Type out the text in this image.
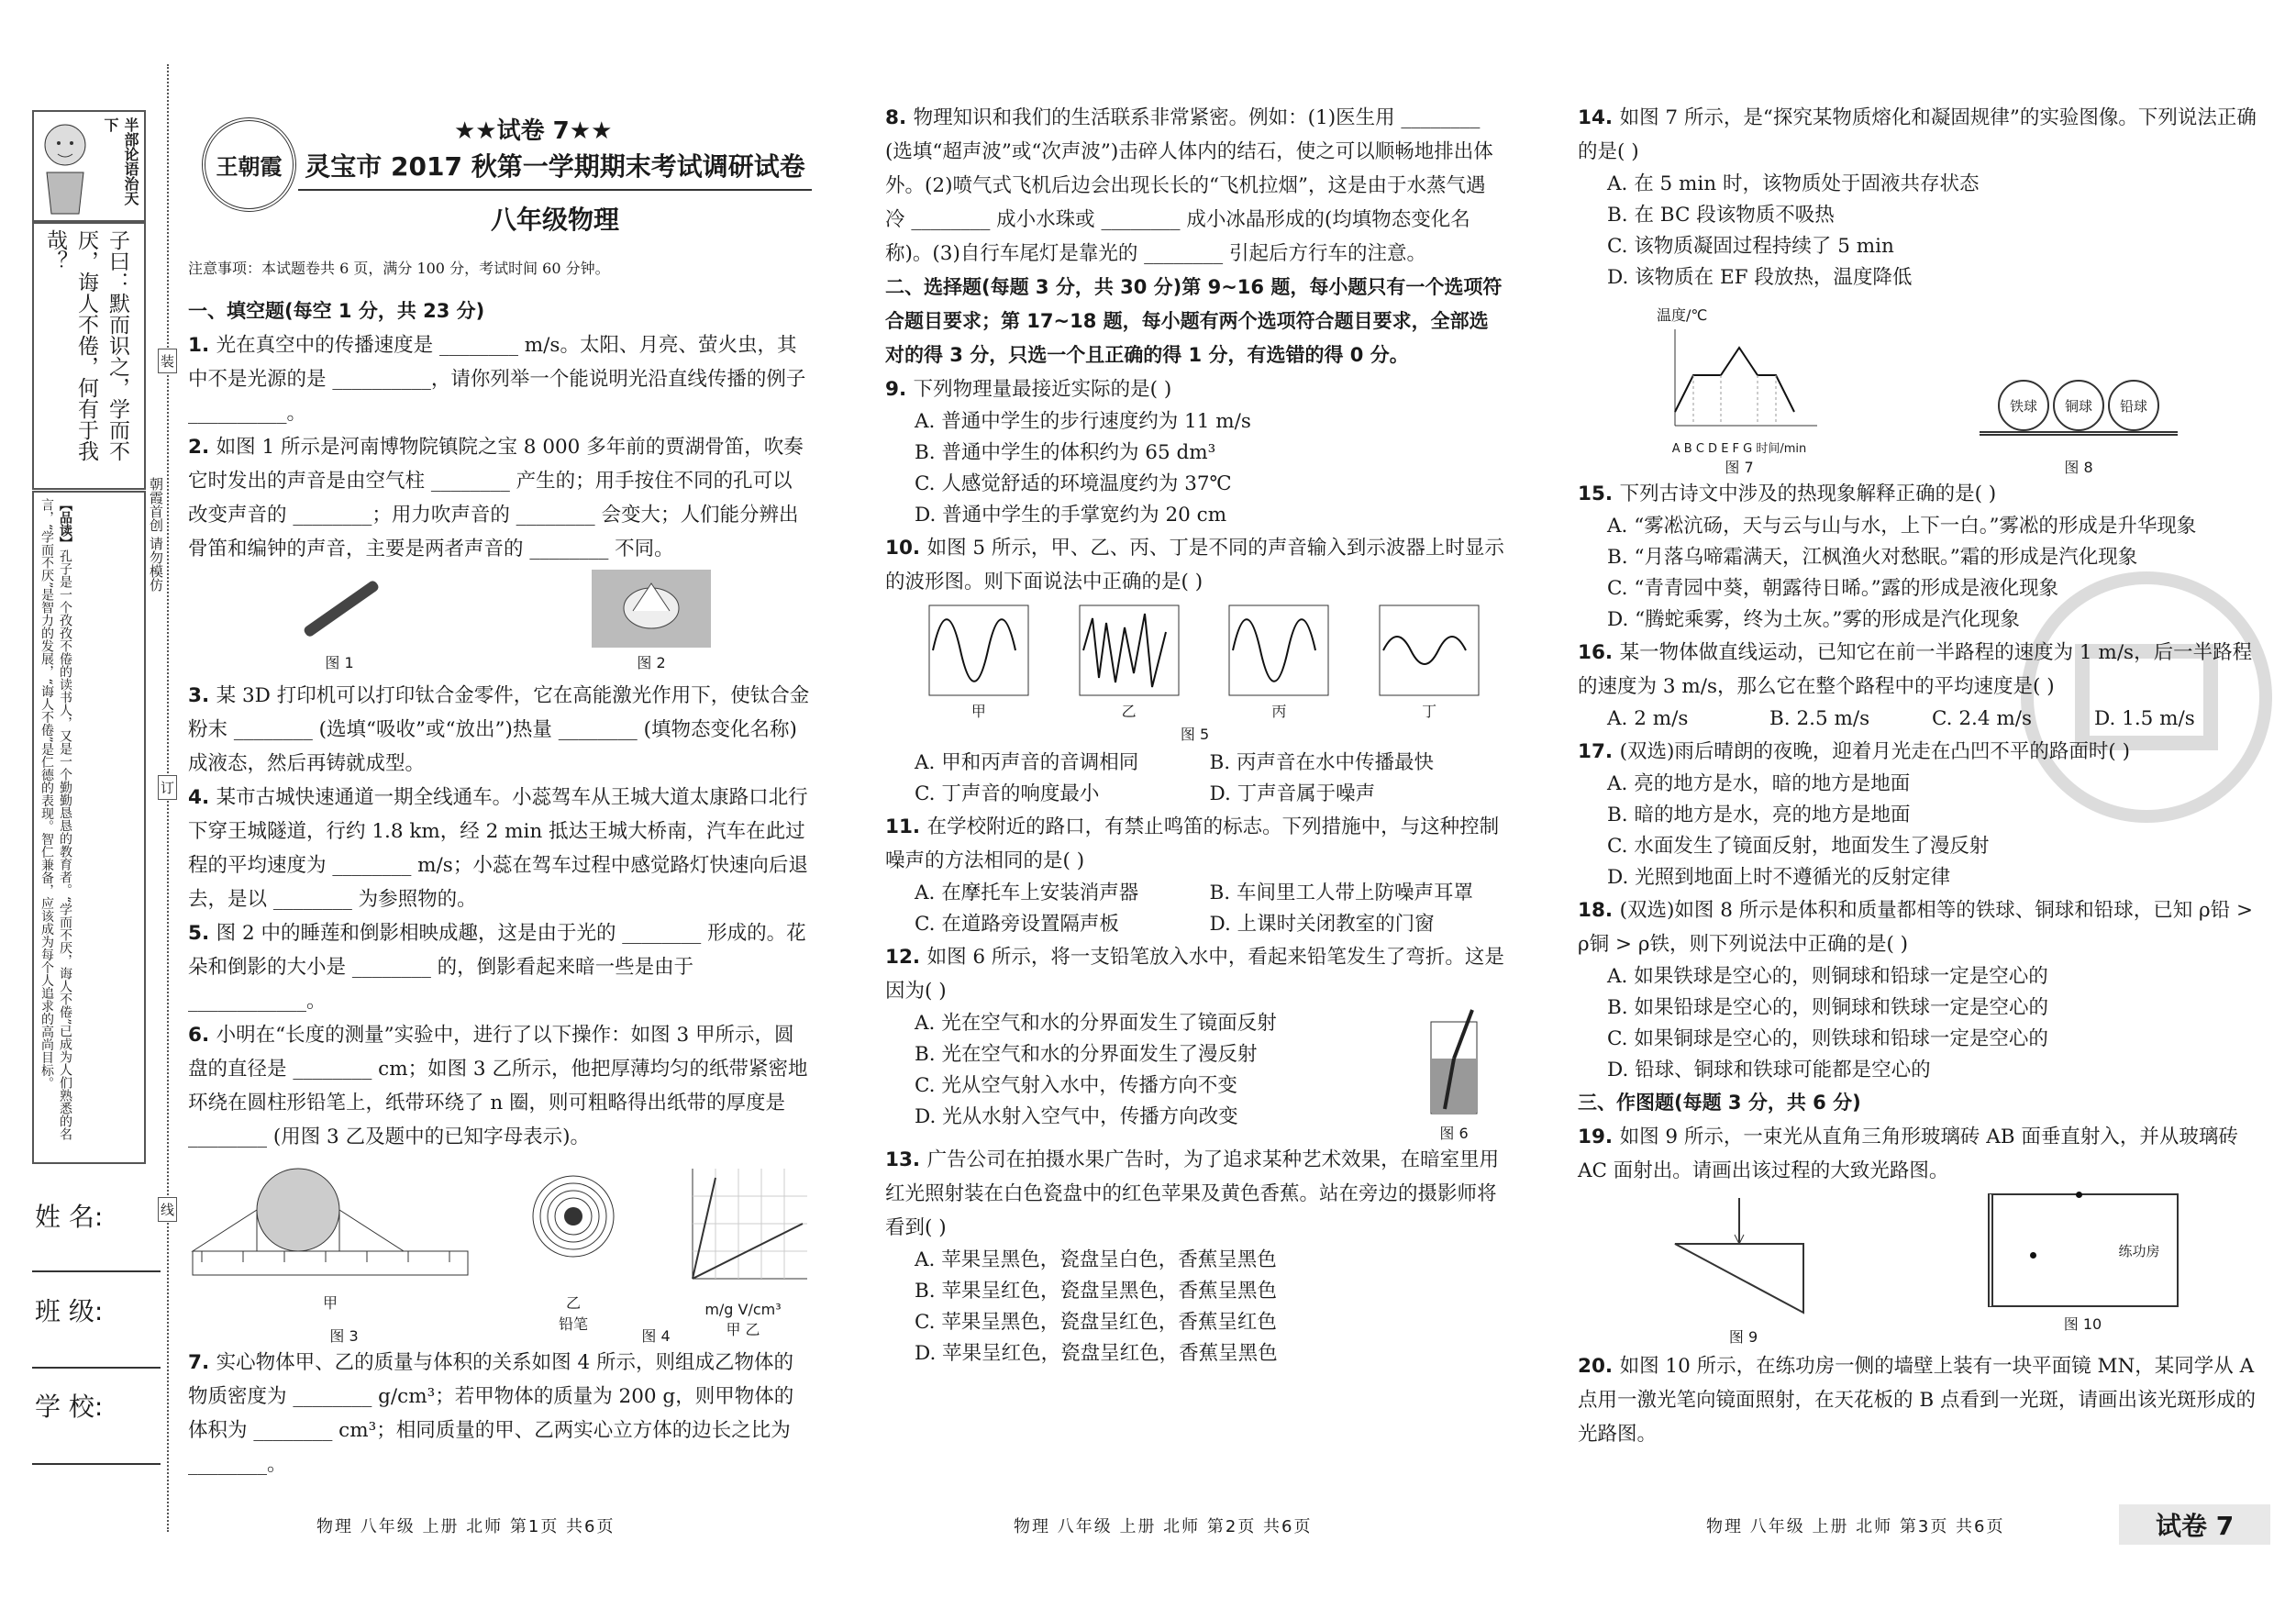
半部论语治天下
子曰：默而识之，学而不厌，诲人不倦，何有于我哉？
【品读】孔子是一个孜孜不倦的读书人，又是一个勤勤恳恳的教育者。“学而不厌，诲人不倦”已成为人们熟悉的名言，“学而不厌”是智力的发展，“诲人不倦”是仁德的表现。智仁兼备，应该成为每个人追求的高尚目标。	朝霞首创 请勿模仿
装
订
线
姓 名:
班 级:
学 校:
王朝霞
★★试卷 7★★
灵宝市 2017 秋第一学期期末考试调研试卷
八年级物理

注意事项：本试题卷共 6 页，满分 100 分，考试时间 60 分钟。

一、填空题(每空 1 分，共 23 分)

1. 光在真空中的传播速度是 ________ m/s。太阳、月亮、萤火虫，其中不是光源的是 __________，请你列举一个能说明光沿直线传播的例子 __________。

2. 如图 1 所示是河南博物院镇院之宝 8 000 多年前的贾湖骨笛，吹奏它时发出的声音是由空气柱 ________ 产生的；用手按住不同的孔可以改变声音的 ________；用力吹声音的 ________ 会变大；人们能分辨出骨笛和编钟的声音，主要是两者声音的 ________ 不同。

图 1	图 2

3. 某 3D 打印机可以打印钛合金零件，它在高能激光作用下，使钛合金粉末 ________ (选填“吸收”或“放出”)热量 ________ (填物态变化名称)成液态，然后再铸就成型。

4. 某市古城快速通道一期全线通车。小蕊驾车从王城大道太康路口北行下穿王城隧道，行约 1.8 km，经 2 min 抵达王城大桥南，汽车在此过程的平均速度为 ________ m/s；小蕊在驾车过程中感觉路灯快速向后退去，是以 ________ 为参照物的。

5. 图 2 中的睡莲和倒影相映成趣，这是由于光的 ________ 形成的。花朵和倒影的大小是 ________ 的，倒影看起来暗一些是由于 ____________。

6. 小明在“长度的测量”实验中，进行了以下操作：如图 3 甲所示，圆盘的直径是 ________ cm；如图 3 乙所示，他把厚薄均匀的纸带紧密地环绕在圆柱形铅笔上，纸带环绕了 n 圈，则可粗略得出纸带的厚度是 ________ (用图 3 乙及题中的已知字母表示)。

甲	乙
铅笔
m/g V/cm³
甲 乙
图 3	图 4

7. 实心物体甲、乙的质量与体积的关系如图 4 所示，则组成乙物体的物质密度为 ________ g/cm³；若甲物体的质量为 200 g，则甲物体的体积为 ________ cm³；相同质量的甲、乙两实心立方体的边长之比为 ________。

物理 八年级 上册 北师 第1页 共6页

8. 物理知识和我们的生活联系非常紧密。例如：(1)医生用 ________ (选填“超声波”或“次声波”)击碎人体内的结石，使之可以顺畅地排出体外。(2)喷气式飞机后边会出现长长的“飞机拉烟”，这是由于水蒸气遇冷 ________ 成小水珠或 ________ 成小冰晶形成的(均填物态变化名称)。(3)自行车尾灯是靠光的 ________ 引起后方行车的注意。

二、选择题(每题 3 分，共 30 分)第 9~16 题，每小题只有一个选项符合题目要求；第 17~18 题，每小题有两个选项符合题目要求，全部选对的得 3 分，只选一个且正确的得 1 分，有选错的得 0 分。

9. 下列物理量最接近实际的是( )

A. 普通中学生的步行速度约为 11 m/s

B. 普通中学生的体积约为 65 dm³

C. 人感觉舒适的环境温度约为 37℃

D. 普通中学生的手掌宽约为 20 cm

10. 如图 5 所示，甲、乙、丙、丁是不同的声音输入到示波器上时显示的波形图。则下面说法中正确的是( )

甲	乙	丙	丁
图 5
A. 甲和丙声音的音调相同	B. 丙声音在水中传播最快
C. 丁声音的响度最小	D. 丁声音属于噪声

11. 在学校附近的路口，有禁止鸣笛的标志。下列措施中，与这种控制噪声的方法相同的是( )

A. 在摩托车上安装消声器	B. 车间里工人带上防噪声耳罩
C. 在道路旁设置隔声板	D. 上课时关闭教室的门窗

12. 如图 6 所示，将一支铅笔放入水中，看起来铅笔发生了弯折。这是因为( )

A. 光在空气和水的分界面发生了镜面反射

B. 光在空气和水的分界面发生了漫反射

C. 光从空气射入水中，传播方向不变

D. 光从水射入空气中，传播方向改变

图 6

13. 广告公司在拍摄水果广告时，为了追求某种艺术效果，在暗室里用红光照射装在白色瓷盘中的红色苹果及黄色香蕉。站在旁边的摄影师将看到( )

A. 苹果呈黑色，瓷盘呈白色，香蕉呈黑色

B. 苹果呈红色，瓷盘呈黑色，香蕉呈黑色

C. 苹果呈黑色，瓷盘呈红色，香蕉呈红色

D. 苹果呈红色，瓷盘呈红色，香蕉呈黑色

物理 八年级 上册 北师 第2页 共6页

14. 如图 7 所示，是“探究某物质熔化和凝固规律”的实验图像。下列说法正确的是( )

A. 在 5 min 时，该物质处于固液共存状态

B. 在 BC 段该物质不吸热

C. 该物质凝固过程持续了 5 min

D. 该物质在 EF 段放热，温度降低

温度/℃
A B C D E F G 时间/min
图 7
铁球	铜球	铅球
图 8

15. 下列古诗文中涉及的热现象解释正确的是( )

A. “雾凇沆砀，天与云与山与水，上下一白。”雾凇的形成是升华现象

B. “月落乌啼霜满天，江枫渔火对愁眠。”霜的形成是汽化现象

C. “青青园中葵，朝露待日晞。”露的形成是液化现象

D. “腾蛇乘雾，终为土灰。”雾的形成是汽化现象

16. 某一物体做直线运动，已知它在前一半路程的速度为 1 m/s，后一半路程的速度为 3 m/s，那么它在整个路程中的平均速度是( )

A. 2 m/s	B. 2.5 m/s	C. 2.4 m/s	D. 1.5 m/s

17. (双选)雨后晴朗的夜晚，迎着月光走在凸凹不平的路面时( )

A. 亮的地方是水，暗的地方是地面

B. 暗的地方是水，亮的地方是地面

C. 水面发生了镜面反射，地面发生了漫反射

D. 光照到地面上时不遵循光的反射定律

18. (双选)如图 8 所示是体积和质量都相等的铁球、铜球和铅球，已知 ρ铅 > ρ铜 > ρ铁，则下列说法中正确的是( )

A. 如果铁球是空心的，则铜球和铅球一定是空心的

B. 如果铅球是空心的，则铜球和铁球一定是空心的

C. 如果铜球是空心的，则铁球和铅球一定是空心的

D. 铅球、铜球和铁球可能都是空心的

三、作图题(每题 3 分，共 6 分)

19. 如图 9 所示，一束光从直角三角形玻璃砖 AB 面垂直射入，并从玻璃砖 AC 面射出。请画出该过程的大致光路图。

图 9
练功房
图 10

20. 如图 10 所示，在练功房一侧的墙壁上装有一块平面镜 MN，某同学从 A 点用一激光笔向镜面照射，在天花板的 B 点看到一光斑，请画出该光斑形成的光路图。

物理 八年级 上册 北师 第3页 共6页	试卷 7
